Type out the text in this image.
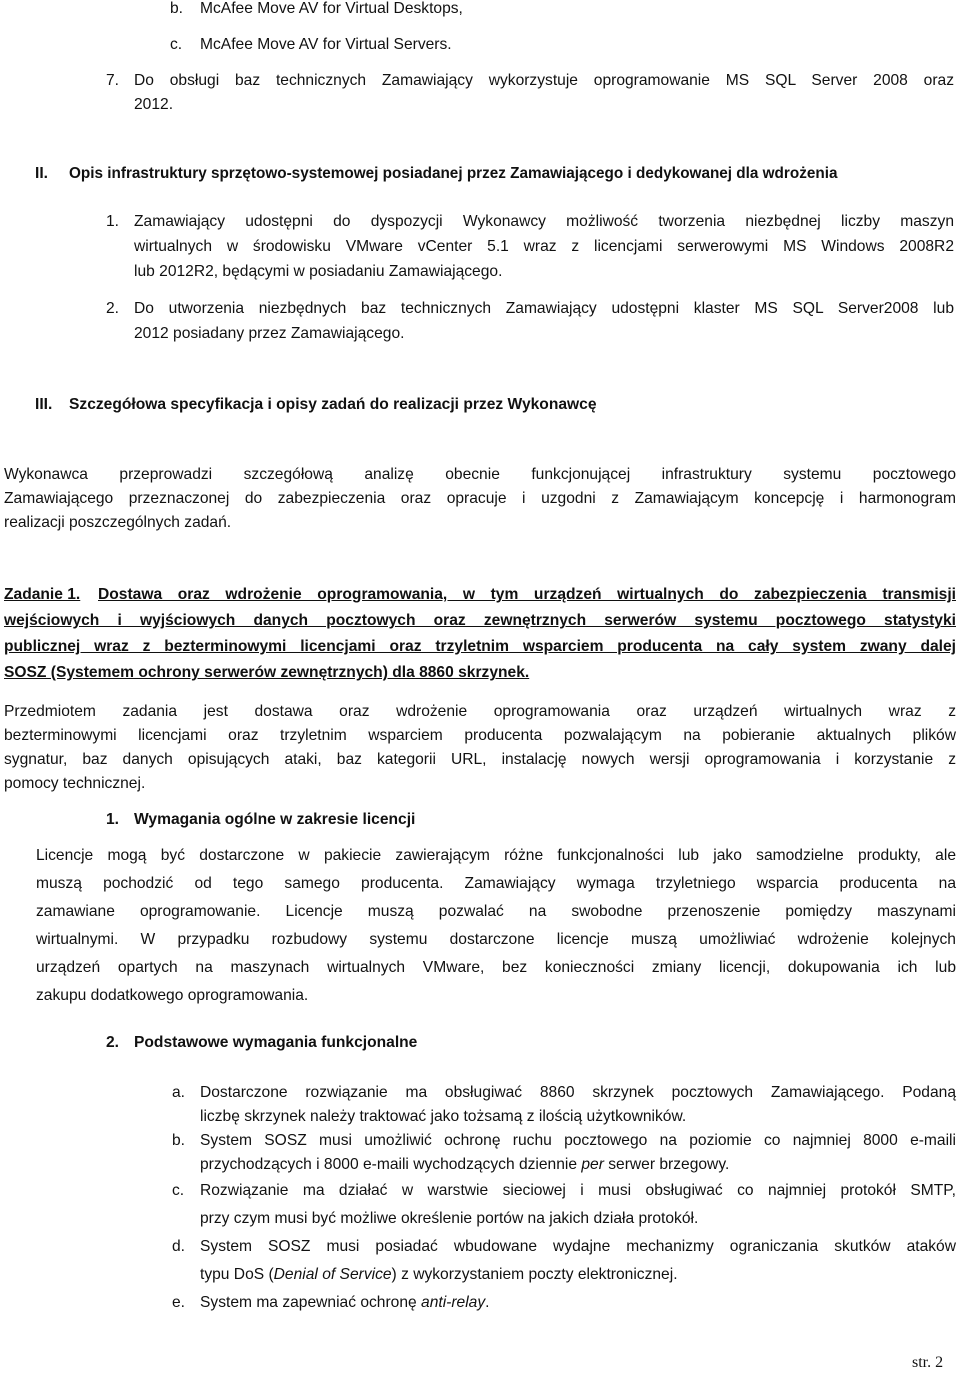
b. McAfee Move AV for Virtual Desktops,
c. McAfee Move AV for Virtual Servers.
7. Do obsługi baz technicznych Zamawiający wykorzystuje oprogramowanie MS SQL Server 2008 oraz
2012.
II. Opis infrastruktury sprzętowo-systemowej posiadanej przez Zamawiającego i dedykowanej dla wdrożenia
1. Zamawiający udostępni do dyspozycji Wykonawcy możliwość tworzenia niezbędnej liczby maszyn
wirtualnych w środowisku VMware vCenter 5.1 wraz z licencjami serwerowymi MS Windows 2008R2
lub 2012R2, będącymi w posiadaniu Zamawiającego.
2. Do utworzenia niezbędnych baz technicznych Zamawiający udostępni klaster MS SQL Server2008 lub
2012 posiadany przez Zamawiającego.
III. Szczegółowa specyfikacja i opisy zadań do realizacji przez Wykonawcę
Wykonawca przeprowadzi szczegółową analizę obecnie funkcjonującej infrastruktury systemu pocztowego
Zamawiającego przeznaczonej do zabezpieczenia oraz opracuje i uzgodni z Zamawiającym koncepcję i harmonogram
realizacji poszczególnych zadań.
Zadanie 1. Dostawa oraz wdrożenie oprogramowania, w tym urządzeń wirtualnych do zabezpieczenia transmisji
wejściowych i wyjściowych danych pocztowych oraz zewnętrznych serwerów systemu pocztowego statystyki
publicznej wraz z bezterminowymi licencjami oraz trzyletnim wsparciem producenta na cały system zwany dalej
SOSZ (Systemem ochrony serwerów zewnętrznych) dla 8860 skrzynek.
Przedmiotem zadania jest dostawa oraz wdrożenie oprogramowania oraz urządzeń wirtualnych wraz z
bezterminowymi licencjami oraz trzyletnim wsparciem producenta pozwalającym na pobieranie aktualnych plików
sygnatur, baz danych opisujących ataki, baz kategorii URL, instalację nowych wersji oprogramowania i korzystanie z
pomocy technicznej.
1. Wymagania ogólne w zakresie licencji
Licencje mogą być dostarczone w pakiecie zawierającym różne funkcjonalności lub jako samodzielne produkty, ale
muszą pochodzić od tego samego producenta. Zamawiający wymaga trzyletniego wsparcia producenta na
zamawiane oprogramowanie. Licencje muszą pozwalać na swobodne przenoszenie pomiędzy maszynami
wirtualnymi. W przypadku rozbudowy systemu dostarczone licencje muszą umożliwiać wdrożenie kolejnych
urządzeń opartych na maszynach wirtualnych VMware, bez konieczności zmiany licencji, dokupowania ich lub
zakupu dodatkowego oprogramowania.
2. Podstawowe wymagania funkcjonalne
a. Dostarczone rozwiązanie ma obsługiwać 8860 skrzynek pocztowych Zamawiającego. Podaną
liczbę skrzynek należy traktować jako tożsamą z ilością użytkowników.
b. System SOSZ musi umożliwić ochronę ruchu pocztowego na poziomie co najmniej 8000 e-maili
przychodzących i 8000 e-maili wychodzących dziennie per serwer brzegowy.
c. Rozwiązanie ma działać w warstwie sieciowej i musi obsługiwać co najmniej protokół SMTP,
przy czym musi być możliwe określenie portów na jakich działa protokół.
d. System SOSZ musi posiadać wbudowane wydajne mechanizmy ograniczania skutków ataków
typu DoS (Denial of Service) z wykorzystaniem poczty elektronicznej.
e. System ma zapewniać ochronę anti-relay.
str. 2
